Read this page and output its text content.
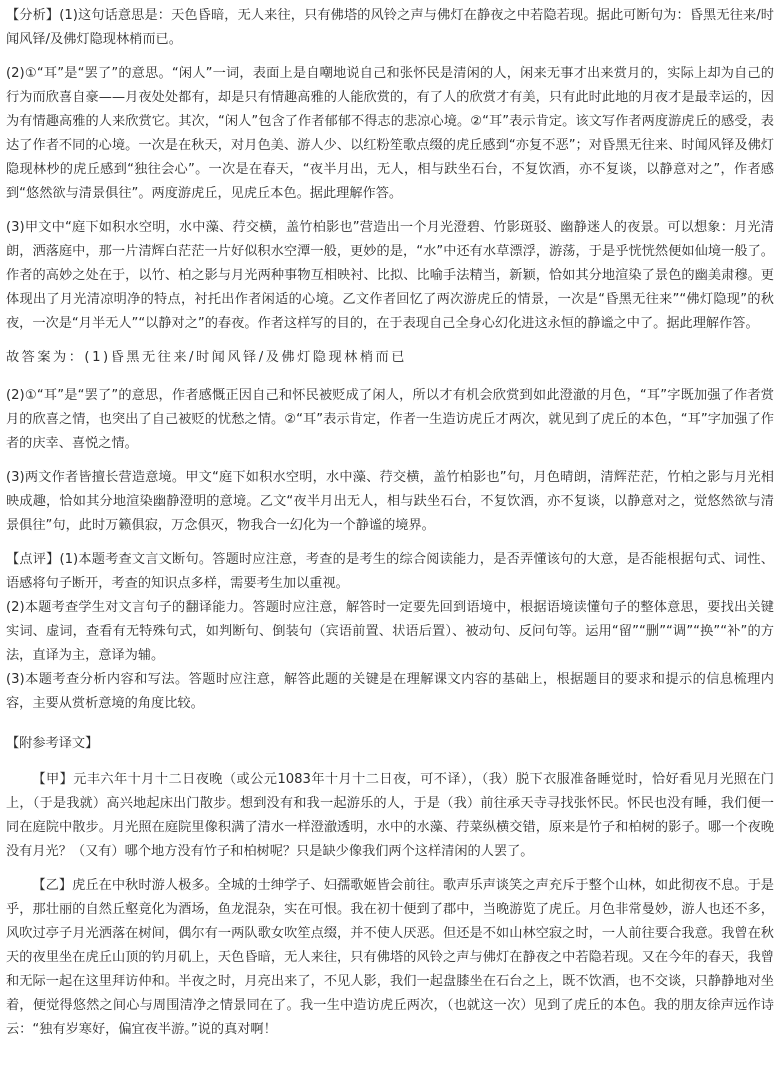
【分析】(1)这句话意思是：天色昏暗，无人来往，只有佛塔的风铃之声与佛灯在静夜之中若隐若现。据此可断句为：昏黑无往来/时闻风铎/及佛灯隐现林梢而已。

(2)①“耳”是“罢了”的意思。“闲人”一词，表面上是自嘲地说自己和张怀民是清闲的人，闲来无事才出来赏月的，实际上却为自己的行为而欣喜自豪——月夜处处都有，却是只有情趣高雅的人能欣赏的，有了人的欣赏才有美，只有此时此地的月夜才是最幸运的，因为有情趣高雅的人来欣赏它。其次，“闲人”包含了作者郁郁不得志的悲凉心境。②“耳”表示肯定。该文写作者两度游虎丘的感受，表达了作者不同的心境。一次是在秋天，对月色美、游人少、以红粉笙歌点缀的虎丘感到“亦复不恶”；对昏黑无往来、时闻风铎及佛灯隐现林杪的虎丘感到“独往会心”。一次是在春天，“夜半月出，无人，相与趺坐石台，不复饮酒，亦不复谈，以静意对之”，作者感到“悠然欲与清景俱往”。两度游虎丘，见虎丘本色。据此理解作答。

(3)甲文中“庭下如积水空明，水中藻、荇交横，盖竹柏影也”营造出一个月光澄碧、竹影斑驳、幽静迷人的夜景。可以想象：月光清朗，洒落庭中，那一片清辉白茫茫一片好似积水空潭一般，更妙的是，“水”中还有水草漂浮，游荡，于是乎恍恍然便如仙境一般了。作者的高妙之处在于，以竹、柏之影与月光两种事物互相映衬、比拟、比喻手法精当，新颖，恰如其分地渲染了景色的幽美肃穆。更体现出了月光清凉明净的特点，衬托出作者闲适的心境。乙文作者回忆了两次游虎丘的情景，一次是“昏黑无往来”“佛灯隐现”的秋夜，一次是“月半无人”“以静对之”的春夜。作者这样写的目的，在于表现自己全身心幻化进这永恒的静谧之中了。据此理解作答。

故答案为：(1)昏黑无往来/时闻风铎/及佛灯隐现林梢而已

(2)①“耳”是“罢了”的意思，作者感慨正因自己和怀民被贬成了闲人，所以才有机会欣赏到如此澄澈的月色，“耳”字既加强了作者赏月的欣喜之情，也突出了自己被贬的忧愁之情。②“耳”表示肯定，作者一生造访虎丘才两次，就见到了虎丘的本色，“耳”字加强了作者的庆幸、喜悦之情。

(3)两文作者皆擅长营造意境。甲文“庭下如积水空明，水中藻、荇交横，盖竹柏影也”句，月色晴朗，清辉茫茫，竹柏之影与月光相映成趣，恰如其分地渲染幽静澄明的意境。乙文“夜半月出无人，相与趺坐石台，不复饮酒，亦不复谈，以静意对之，觉悠然欲与清景俱往”句，此时万籁俱寂，万念俱灭，物我合一幻化为一个静谧的境界。

【点评】(1)本题考查文言文断句。答题时应注意，考查的是考生的综合阅读能力，是否弄懂该句的大意，是否能根据句式、词性、语感将句子断开，考查的知识点多样，需要考生加以重视。

(2)本题考查学生对文言句子的翻译能力。答题时应注意，解答时一定要先回到语境中，根据语境读懂句子的整体意思，要找出关键实词、虚词，查看有无特殊句式，如判断句、倒装句（宾语前置、状语后置）、被动句、反问句等。运用“留”“删”“调”“换”“补”的方法，直译为主，意译为辅。

(3)本题考查分析内容和写法。答题时应注意，解答此题的关键是在理解课文内容的基础上，根据题目的要求和提示的信息梳理内容，主要从赏析意境的角度比较。

【附参考译文】

【甲】元丰六年十月十二日夜晚（或公元1083年十月十二日夜，可不译），（我）脱下衣服准备睡觉时，恰好看见月光照在门上，（于是我就）高兴地起床出门散步。想到没有和我一起游乐的人，于是（我）前往承天寺寻找张怀民。怀民也没有睡，我们便一同在庭院中散步。月光照在庭院里像积满了清水一样澄澈透明，水中的水藻、荇菜纵横交错，原来是竹子和柏树的影子。哪一个夜晚没有月光？（又有）哪个地方没有竹子和柏树呢？只是缺少像我们两个这样清闲的人罢了。

【乙】虎丘在中秋时游人极多。全城的士绅学子、妇孺歌姬皆会前往。歌声乐声谈笑之声充斥于整个山林，如此彻夜不息。于是乎，那壮丽的自然丘壑竟化为酒场，鱼龙混杂，实在可恨。我在初十便到了郡中，当晚游览了虎丘。月色非常曼妙，游人也还不多，风吹过亭子月光洒落在树间，偶尔有一两队歌女吹笙点缀，并不使人厌恶。但还是不如山林空寂之时，一人前往要合我意。我曾在秋天的夜里坐在虎丘山顶的钓月矶上，天色昏暗，无人来往，只有佛塔的风铃之声与佛灯在静夜之中若隐若现。又在今年的春天，我曾和无际一起在这里拜访仲和。半夜之时，月亮出来了，不见人影，我们一起盘膝坐在石台之上，既不饮酒，也不交谈，只静静地对坐着，便觉得悠然之间心与周围清净之情景同在了。我一生中造访虎丘两次，（也就这一次）见到了虎丘的本色。我的朋友徐声远作诗云：“独有岁寒好，偏宜夜半游。”说的真对啊！
